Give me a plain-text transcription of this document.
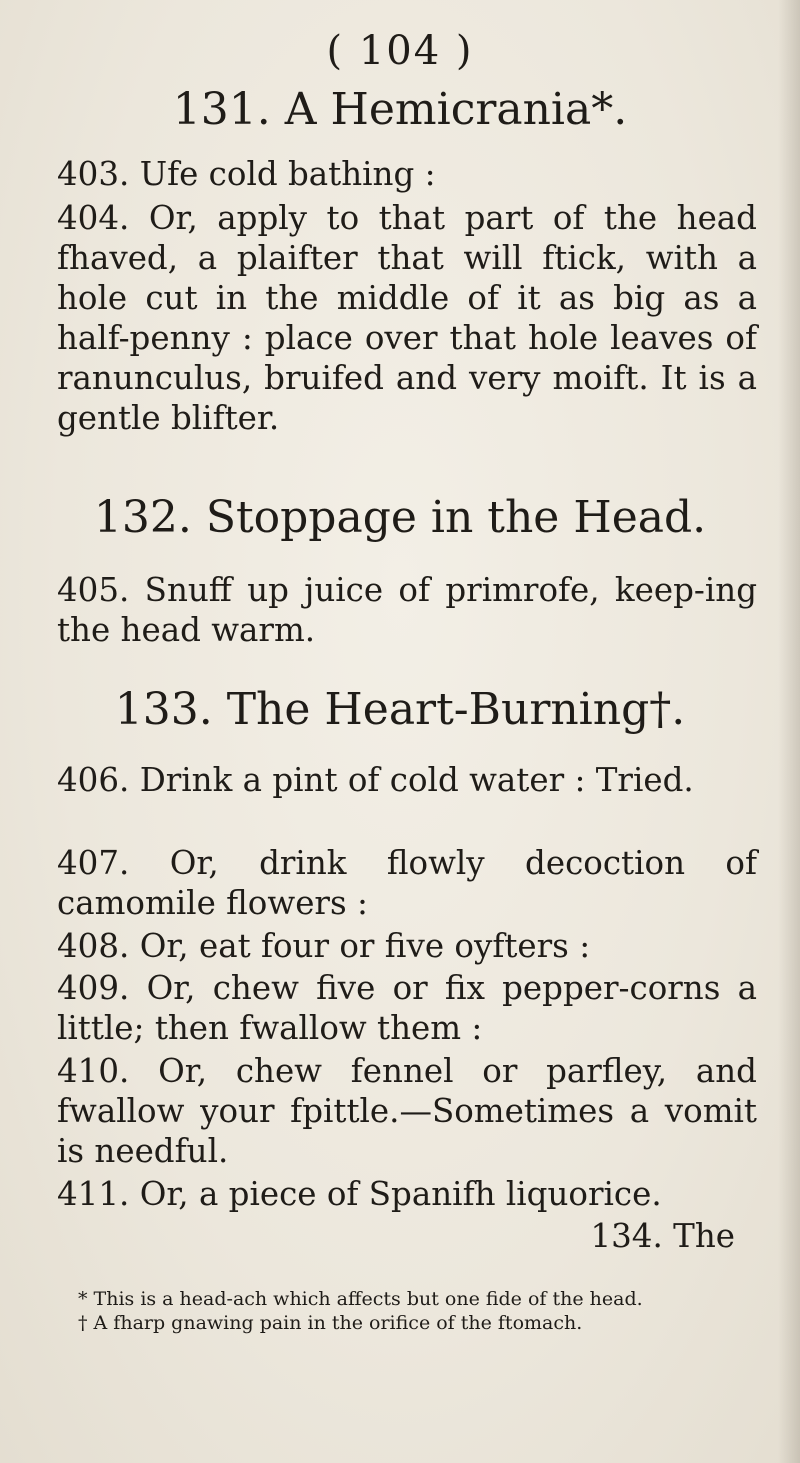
( 104 )
131. A Hemicrania*.
403. Ufe cold bathing :
404. Or, apply to that part of the head fhaved, a plaifter that will ftick, with a hole cut in the middle of it as big as a half-penny : place over that hole leaves of ranunculus, bruifed and very moift. It is a gentle blifter.
132. Stoppage in the Head.
405. Snuff up juice of primrofe, keep-ing the head warm.
133. The Heart-Burning†.
406. Drink a pint of cold water : Tried.
407. Or, drink flowly decoction of camomile flowers :
408. Or, eat four or five oyfters :
409. Or, chew five or fix pepper-corns a little; then fwallow them :
410. Or, chew fennel or parfley, and fwallow your fpittle.—Sometimes a vomit is needful.
411. Or, a piece of Spanifh liquorice.
134. The
* This is a head-ach which affects but one fide of the head.
† A fharp gnawing pain in the orifice of the ftomach.
